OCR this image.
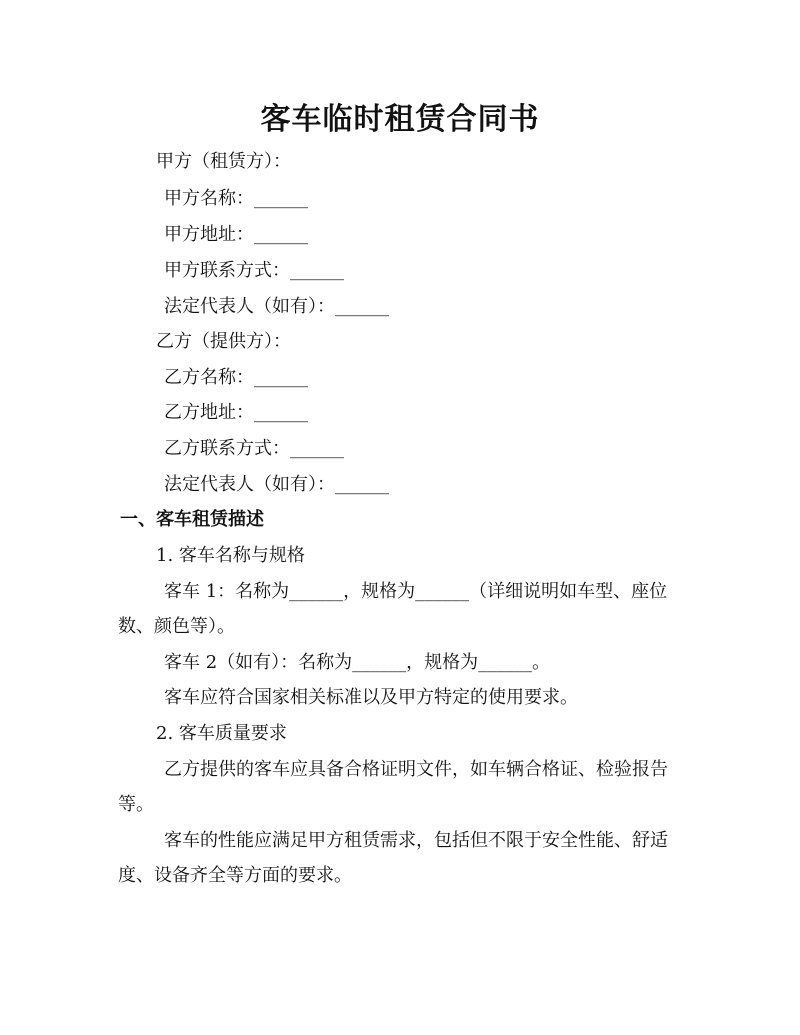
客车临时租赁合同书
甲方（租赁方）：
甲方名称：______
甲方地址：______
甲方联系方式：______
法定代表人（如有）：______
乙方（提供方）：
乙方名称：______
乙方地址：______
乙方联系方式：______
法定代表人（如有）：______
一、客车租赁描述
1. 客车名称与规格
客车 1：名称为______，规格为______（详细说明如车型、座位
数、颜色等）。
客车 2（如有）：名称为______，规格为______。
客车应符合国家相关标准以及甲方特定的使用要求。
2. 客车质量要求
乙方提供的客车应具备合格证明文件，如车辆合格证、检验报告
等。
客车的性能应满足甲方租赁需求，包括但不限于安全性能、舒适
度、设备齐全等方面的要求。
